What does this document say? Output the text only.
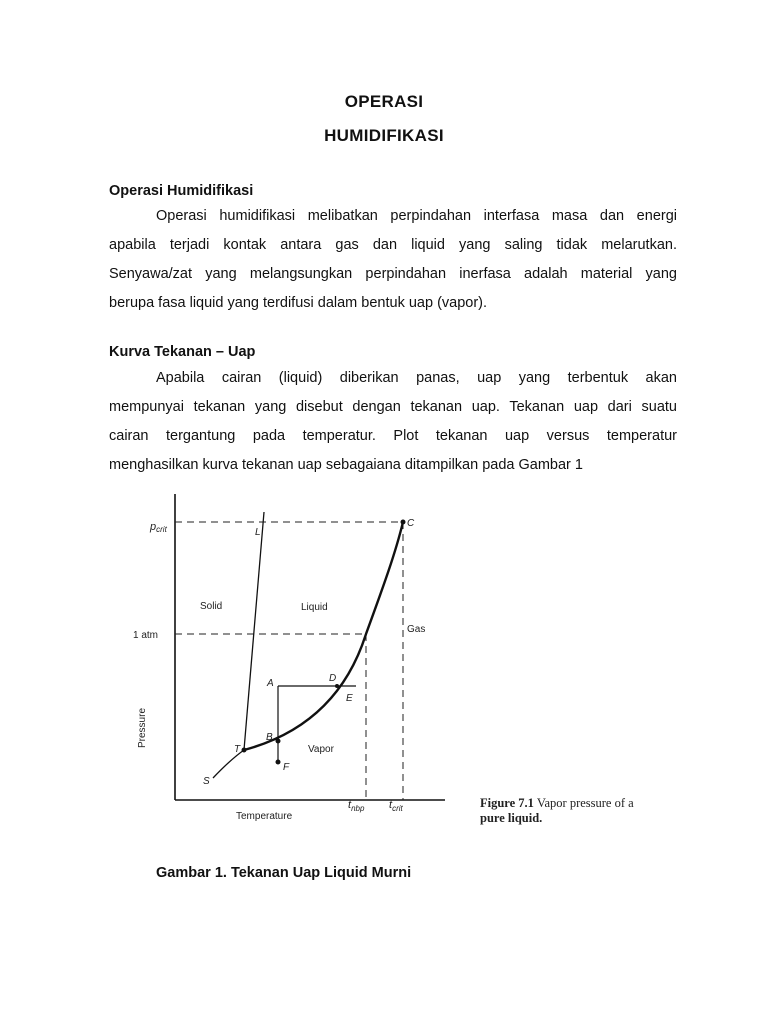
OPERASI
HUMIDIFIKASI
Operasi Humidifikasi
Operasi humidifikasi melibatkan perpindahan interfasa masa dan energi
apabila terjadi kontak antara gas dan liquid yang saling tidak melarutkan.
Senyawa/zat yang melangsungkan perpindahan inerfasa adalah material yang
berupa fasa liquid yang terdifusi dalam bentuk uap (vapor).
Kurva Tekanan – Uap
Apabila cairan (liquid) diberikan panas, uap yang terbentuk akan
mempunyai tekanan yang disebut dengan tekanan uap. Tekanan uap dari suatu
cairan tergantung pada temperatur. Plot tekanan uap versus temperatur
menghasilkan kurva tekanan uap sebagaiana ditampilkan pada Gambar 1
pcrit
1 atm
Pressure
Temperature
Solid	Liquid
Gas
Vapor
L
C
A	D
E
B
T
S
F
$t_{nbp}$ $t_{crit}$	Figure 7.1 Vapor pressure of a
pure liquid.
Gambar 1. Tekanan Uap Liquid Murni
